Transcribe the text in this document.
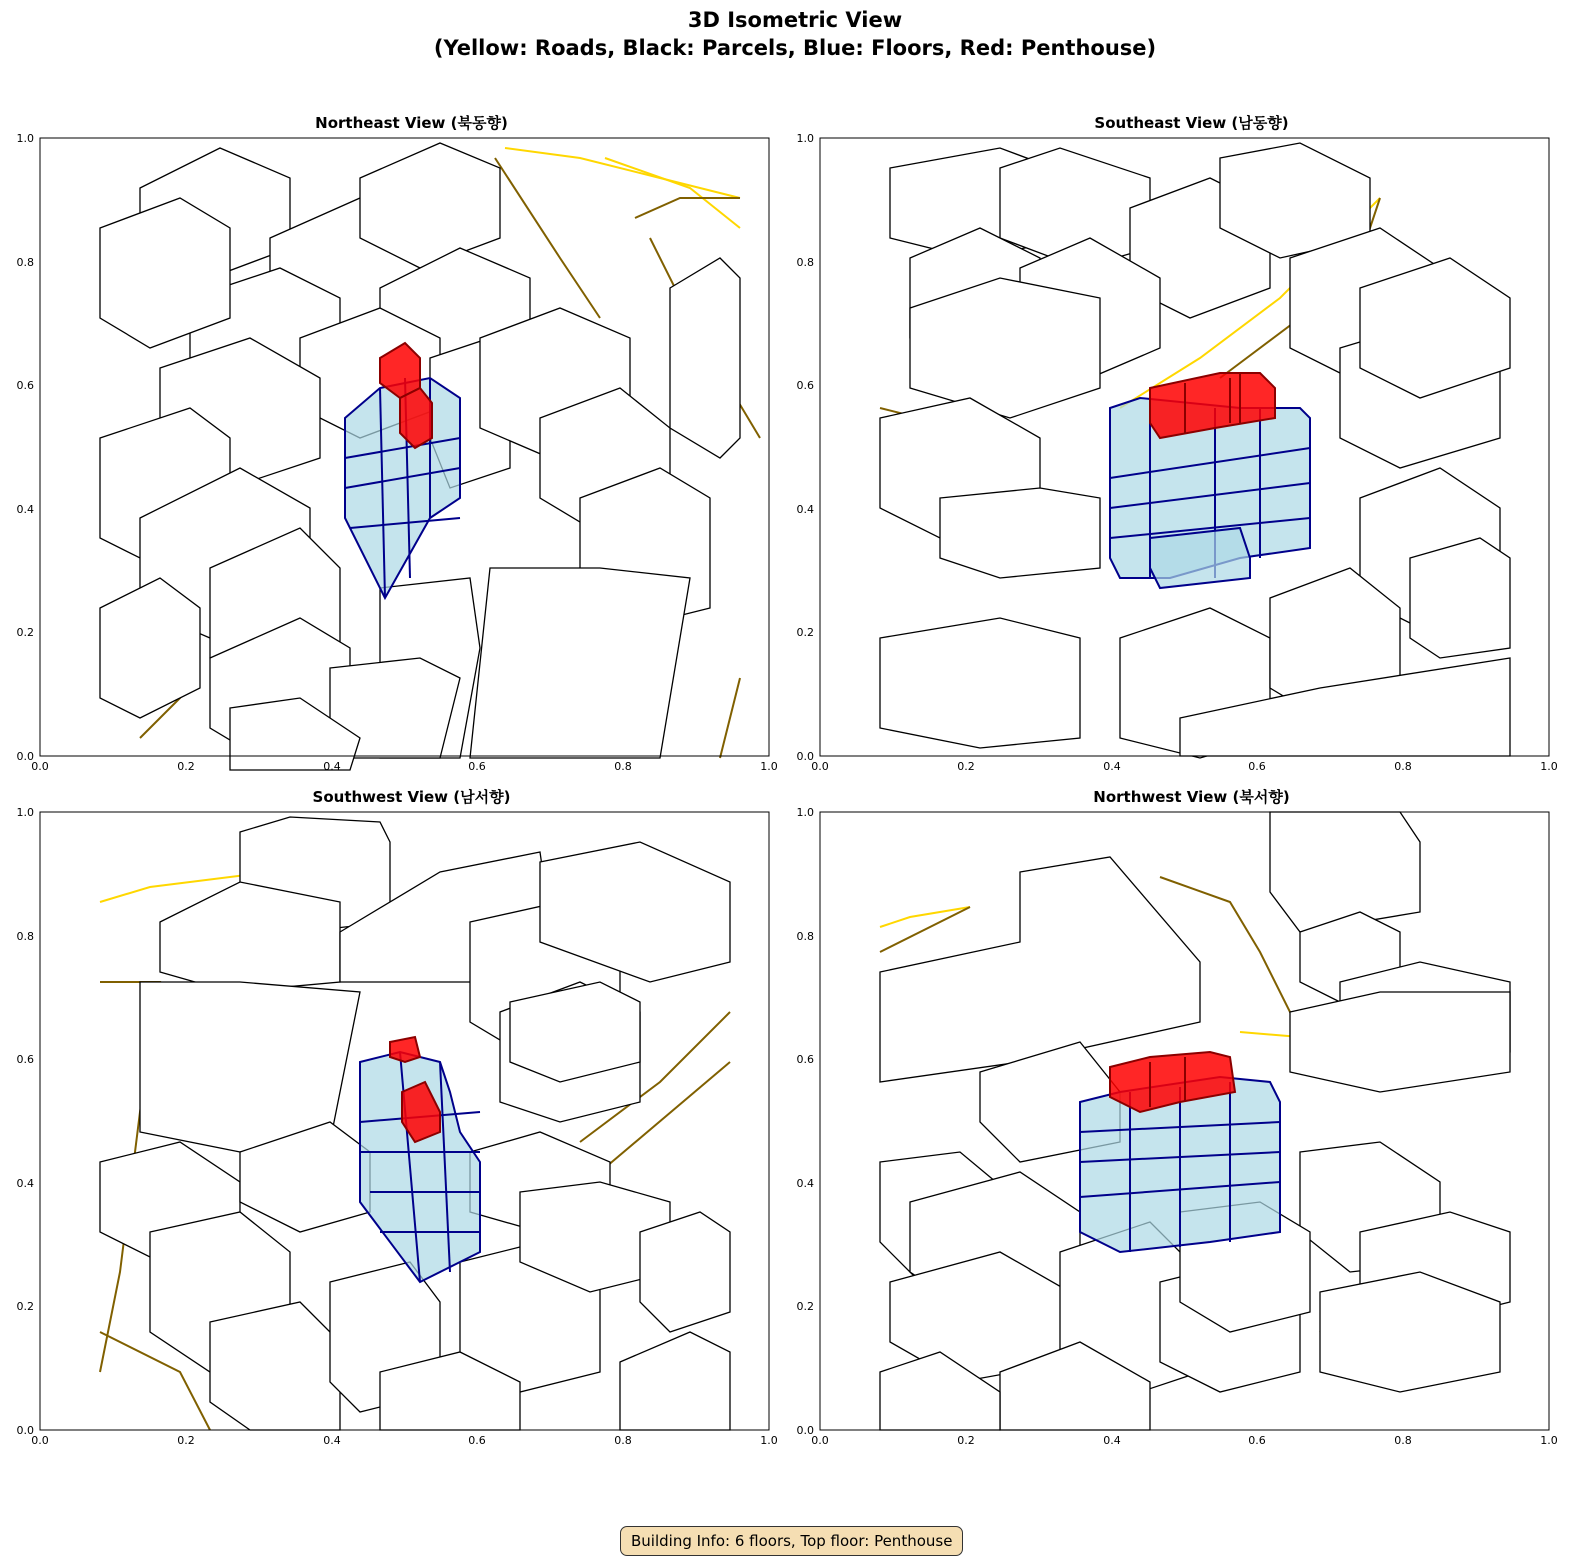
3D Isometric View
(Yellow: Roads, Black: Parcels, Blue: Floors, Red: Penthouse)
Northeast View (북동향)
0.0	0.2	0.4	0.6	0.8	1.0
Southeast View (남동향)
0.0	0.2	0.4	0.6	0.8	1.0
Southwest View (남서향)
0.0	0.2	0.4	0.6	0.8	1.0
Northwest View (북서향)
0.0	0.2	0.4	0.6	0.8	1.0
1.0
0.8
0.6
0.4
0.2
0.0
1.0
0.8
0.6
0.4
0.2
0.0
1.0
0.8
0.6
0.4
0.2
0.0
1.0
0.8
0.6
0.4
0.2
0.0
Building Info: 6 floors, Top floor: Penthouse
